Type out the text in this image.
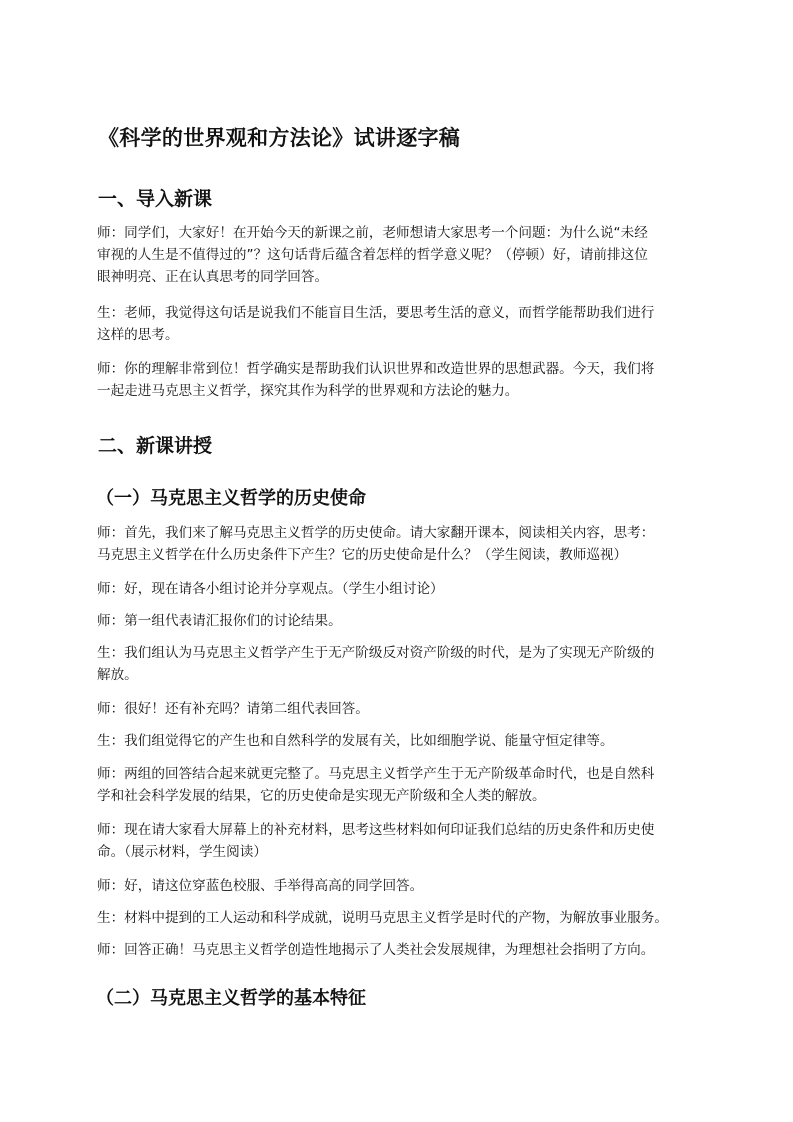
《科学的世界观和方法论》试讲逐字稿
一、导入新课
师：同学们，大家好！在开始今天的新课之前，老师想请大家思考一个问题：为什么说“未经
审视的人生是不值得过的”？这句话背后蕴含着怎样的哲学意义呢？（停顿）好，请前排这位
眼神明亮、正在认真思考的同学回答。
生：老师，我觉得这句话是说我们不能盲目生活，要思考生活的意义，而哲学能帮助我们进行
这样的思考。
师：你的理解非常到位！哲学确实是帮助我们认识世界和改造世界的思想武器。今天，我们将
一起走进马克思主义哲学，探究其作为科学的世界观和方法论的魅力。
二、新课讲授
（一）马克思主义哲学的历史使命
师：首先，我们来了解马克思主义哲学的历史使命。请大家翻开课本，阅读相关内容，思考：
马克思主义哲学在什么历史条件下产生？它的历史使命是什么？（学生阅读，教师巡视）
师：好，现在请各小组讨论并分享观点。（学生小组讨论）
师：第一组代表请汇报你们的讨论结果。
生：我们组认为马克思主义哲学产生于无产阶级反对资产阶级的时代，是为了实现无产阶级的
解放。
师：很好！还有补充吗？请第二组代表回答。
生：我们组觉得它的产生也和自然科学的发展有关，比如细胞学说、能量守恒定律等。
师：两组的回答结合起来就更完整了。马克思主义哲学产生于无产阶级革命时代，也是自然科
学和社会科学发展的结果，它的历史使命是实现无产阶级和全人类的解放。
师：现在请大家看大屏幕上的补充材料，思考这些材料如何印证我们总结的历史条件和历史使
命。（展示材料，学生阅读）
师：好，请这位穿蓝色校服、手举得高高的同学回答。
生：材料中提到的工人运动和科学成就，说明马克思主义哲学是时代的产物，为解放事业服务。
师：回答正确！马克思主义哲学创造性地揭示了人类社会发展规律，为理想社会指明了方向。
（二）马克思主义哲学的基本特征
